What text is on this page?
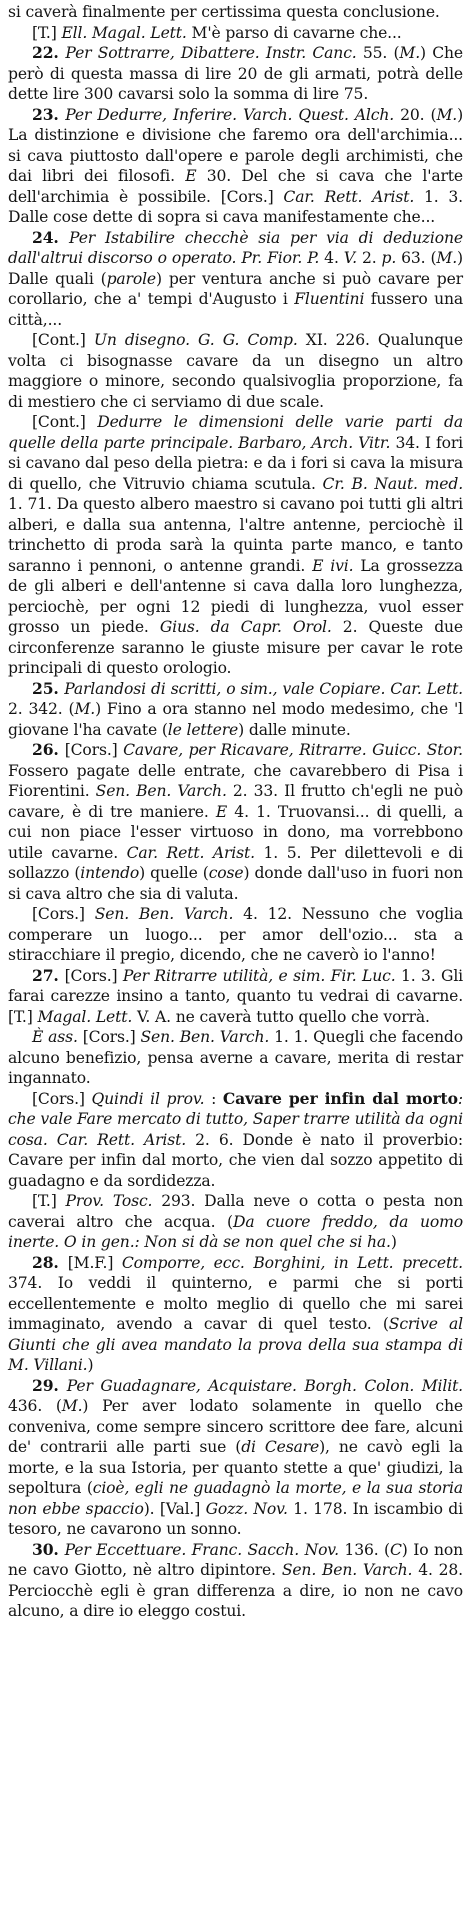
si caverà finalmente per certissima questa conclusione.

[T.] Ell. Magal. Lett. M'è parso di cavarne che...

22. Per Sottrarre, Dibattere. Instr. Canc. 55. (M.) Che però di questa massa di lire 20 de gli armati, potrà delle dette lire 300 cavarsi solo la somma di lire 75.

23. Per Dedurre, Inferire. Varch. Quest. Alch. 20. (M.) La distinzione e divisione che faremo ora dell'archimia... si cava piuttosto dall'opere e parole degli archimisti, che dai libri dei filosofi. E 30. Del che si cava che l'arte dell'archimia è possibile. [Cors.] Car. Rett. Arist. 1. 3. Dalle cose dette di sopra si cava manifestamente che...

24. Per Istabilire checchè sia per via di deduzione dall'altrui discorso o operato. Pr. Fior. P. 4. V. 2. p. 63. (M.) Dalle quali (parole) per ventura anche si può cavare per corollario, che a' tempi d'Augusto i Fluentini fussero una città,...

[Cont.] Un disegno. G. G. Comp. XI. 226. Qualunque volta ci bisognasse cavare da un disegno un altro maggiore o minore, secondo qualsivoglia proporzione, fa di mestiero che ci serviamo di due scale.

[Cont.] Dedurre le dimensioni delle varie parti da quelle della parte principale. Barbaro, Arch. Vitr. 34. I fori si cavano dal peso della pietra: e da i fori si cava la misura di quello, che Vitruvio chiama scutula. Cr. B. Naut. med. 1. 71. Da questo albero maestro si cavano poi tutti gli altri alberi, e dalla sua antenna, l'altre antenne, perciochè il trinchetto di proda sarà la quinta parte manco, e tanto saranno i pennoni, o antenne grandi. E ivi. La grossezza de gli alberi e dell'antenne si cava dalla loro lunghezza, perciochè, per ogni 12 piedi di lunghezza, vuol esser grosso un piede. Gius. da Capr. Orol. 2. Queste due circonferenze saranno le giuste misure per cavar le rote principali di questo orologio.

25. Parlandosi di scritti, o sim., vale Copiare. Car. Lett. 2. 342. (M.) Fino a ora stanno nel modo medesimo, che 'l giovane l'ha cavate (le lettere) dalle minute.

26. [Cors.] Cavare, per Ricavare, Ritrarre. Guicc. Stor. Fossero pagate delle entrate, che cavarebbero di Pisa i Fiorentini. Sen. Ben. Varch. 2. 33. Il frutto ch'egli ne può cavare, è di tre maniere. E 4. 1. Truovansi... di quelli, a cui non piace l'esser virtuoso in dono, ma vorrebbono utile cavarne. Car. Rett. Arist. 1. 5. Per dilettevoli e di sollazzo (intendo) quelle (cose) donde dall'uso in fuori non si cava altro che sia di valuta.

[Cors.] Sen. Ben. Varch. 4. 12. Nessuno che voglia comperare un luogo... per amor dell'ozio... sta a stiracchiare il pregio, dicendo, che ne caverò io l'anno!

27. [Cors.] Per Ritrarre utilità, e sim. Fir. Luc. 1. 3. Gli farai carezze insino a tanto, quanto tu vedrai di cavarne. [T.] Magal. Lett. V. A. ne caverà tutto quello che vorrà.

È ass. [Cors.] Sen. Ben. Varch. 1. 1. Quegli che facendo alcuno benefizio, pensa averne a cavare, merita di restar ingannato.

[Cors.] Quindi il prov. : Cavare per infin dal morto: che vale Fare mercato di tutto, Saper trarre utilità da ogni cosa. Car. Rett. Arist. 2. 6. Donde è nato il proverbio: Cavare per infin dal morto, che vien dal sozzo appetito di guadagno e da sordidezza.

[T.] Prov. Tosc. 293. Dalla neve o cotta o pesta non caverai altro che acqua. (Da cuore freddo, da uomo inerte. O in gen.: Non si dà se non quel che si ha.)

28. [M.F.] Comporre, ecc. Borghini, in Lett. precett. 374. Io veddi il quinterno, e parmi che si porti eccellentemente e molto meglio di quello che mi sarei immaginato, avendo a cavar di quel testo. (Scrive al Giunti che gli avea mandato la prova della sua stampa di M. Villani.)

29. Per Guadagnare, Acquistare. Borgh. Colon. Milit. 436. (M.) Per aver lodato solamente in quello che conveniva, come sempre sincero scrittore dee fare, alcuni de' contrarii alle parti sue (di Cesare), ne cavò egli la morte, e la sua Istoria, per quanto stette a que' giudizi, la sepoltura (cioè, egli ne guadagnò la morte, e la sua storia non ebbe spaccio). [Val.] Gozz. Nov. 1. 178. In iscambio di tesoro, ne cavarono un sonno.

30. Per Eccettuare. Franc. Sacch. Nov. 136. (C) Io non ne cavo Giotto, nè altro dipintore. Sen. Ben. Varch. 4. 28. Perciocchè egli è gran differenza a dire, io non ne cavo alcuno, a dire io eleggo costui.
